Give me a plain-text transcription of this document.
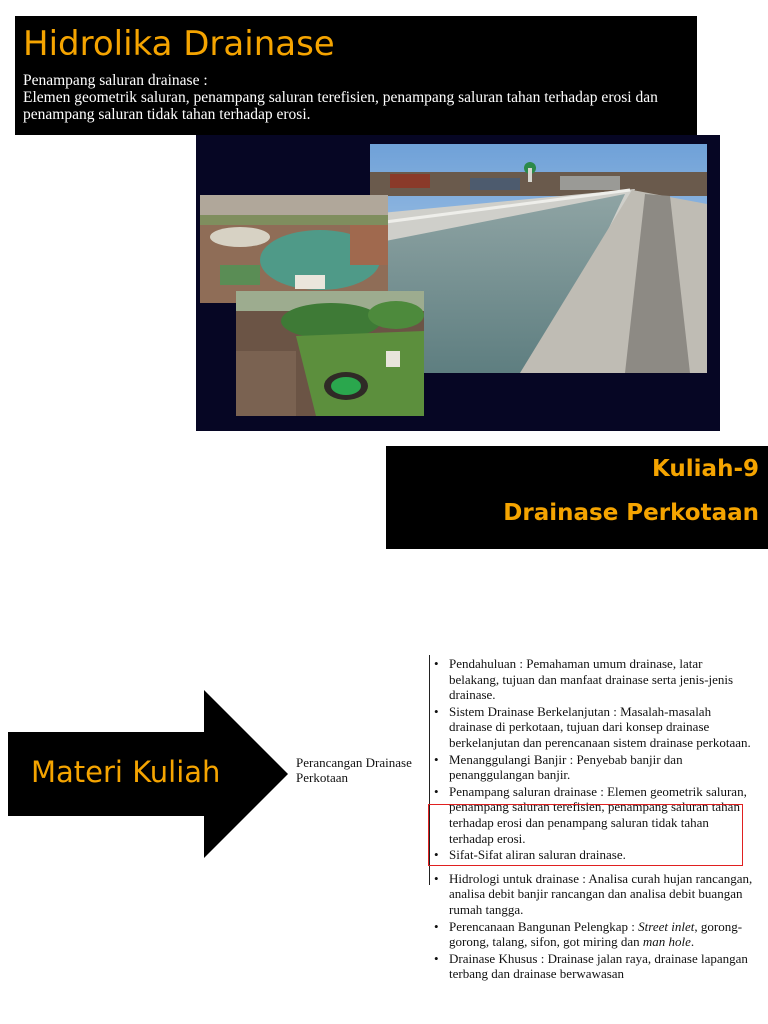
Hidrolika Drainase
Penampang saluran drainase :
Elemen geometrik saluran, penampang saluran terefisien, penampang saluran tahan terhadap erosi dan penampang saluran tidak tahan terhadap erosi.
Kuliah-9
Drainase Perkotaan
Materi Kuliah	Perancangan Drainase Perkotaan
• Pendahuluan : Pemahaman umum drainase, latar belakang, tujuan dan manfaat drainase serta jenis-jenis drainase.
• Sistem Drainase Berkelanjutan : Masalah-masalah drainase di perkotaan, tujuan dari konsep drainase berkelanjutan dan perencanaan sistem drainase perkotaan.
• Menanggulangi Banjir : Penyebab banjir dan penanggulangan banjir.
• Penampang saluran drainase : Elemen geometrik saluran, penampang saluran terefisien, penampang saluran tahan terhadap erosi dan penampang saluran tidak tahan terhadap erosi.
• Sifat-Sifat aliran saluran drainase.
• Hidrologi untuk drainase : Analisa curah hujan rancangan, analisa debit banjir rancangan dan analisa debit buangan rumah tangga.
• Perencanaan Bangunan Pelengkap : Street inlet, gorong-gorong, talang, sifon, got miring dan man hole.
• Drainase Khusus : Drainase jalan raya, drainase lapangan terbang dan drainase berwawasan
